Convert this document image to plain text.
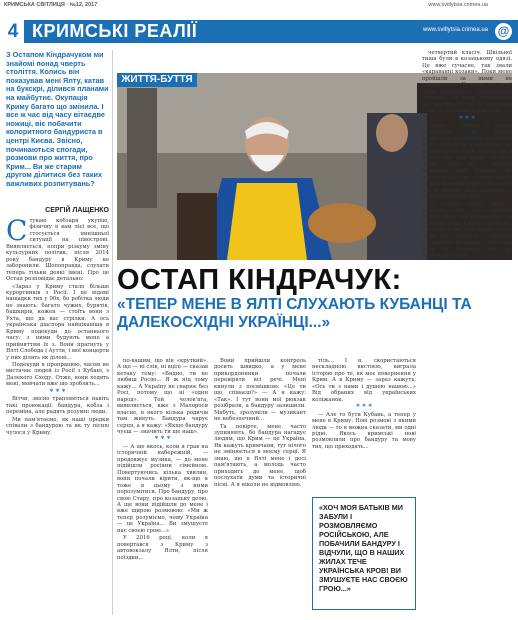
КРИМСЬКА СВІТЛИЦЯ · №12, 2017	www.svitlytsia.crimea.ua
4 КРИМСЬКІ РЕАЛІЇ	www.svitlytsia.crimea.ua @
З Остапом Кіндрачуком ми знайомі понад чверть століття. Колись він показував мені Ялту, катав на букскрі, ділився планами на майбутнє. Окупація Криму багато що змінила. І все ж час від часу вітаєдве ножиці, віє побачити колоритного бандуриста в центрі Києва. Звісно, починаються спогади, розмови про життя, про Крим... Ви же старим другом ділитися без таких важливих розпитувань?
СЕРГІЙ ЛАЩЕНКО

Стукаю кобзаря укупію, фізичну я вам лієї все, що стосується нинішньої ситуації на півострові. Виявляється, попри різкуму зміну культурних політик, після 2014 року бандуру в Криму не заборонили. Шопоправда, слухати теперь тільки деякі імені. Про це Остап розповідає детально:

«Зараз у Криму стало більше курортників з Росії. І це відомі нащадки тих у 90х, бо робітка люди не знають: багато чужих, бурятів, башкирів, кожен — стоїть вони з Ухта, що да вас стрілки. А ось українська діаспора найцікавіша в Криму подекуди до останнього часу: з ними будують мене а прийняттям їх з. Вони прагнуть у Ялті Слобода і Аутти, і мої концерти у них ділять як ділені...

Подекуди я пропрацюю, часом не вистачає людей із Росії з Кубані, з Далекого Сходу. Отже, вони ходять мені, мовчати вже що зроблять...

* * *

Вітчи, звісно трапляються навіть такі провокації: бандура, кобза і переміна, але радять розумні люди.

Ми пам'ятаємо, як наші предки співали з бандурою та як ту пісню чулося у Криму.

ЖИТТЯ-БУТТЯ
ОСТАП КІНДРАЧУК:
«ТЕПЕР МЕНЕ В ЯЛТІ СЛУХАЮТЬ КУБАНЦІ ТА ДАЛЕКОСХІДНІ УКРАЇНЦІ...»

по-вашим, що він «круткий». А що — ні слів, ні вцілі — сказав кетаку тому: «Видно, ти не любиш Росію... Я ж ніц тому кажу... А Україну не сварює без Росі, потому що ні «один народ». Той чолов'яга, виявляється, вже з Малороси власне, в якого кілька родичів там живуть. Бандура чарує серця, а я кажу: «Якщо бандуру чуєш — значить ти ще наш».

* * *

— А ще якось, коли я грав на історичній набережній, — продовжує музика, — до мене підійшли росіяни сімейною. Повертуючись кілька хвилин, вони почали вірити, як-що я тоже в цьому з ними порозумітися. Про бандуру, про свою Стару, про козацьку долю. А ще вони підійшли до мене і вже щирою розмовою: «Ми ж тепер розуміємо, чому Україна — це Україна... Ви змушуєте нас своєю грою...»

У 2016 році, коли я повертався з Криму з автовокзалу Ялти, після поїздки...

Вони прийшли контроль досить швидко, а у мене прикордонники почали перевіряти всі речі. Мені кинули з посмішкою: «Це ти що, співаєш?» — А я кажу: «Так». І тут вони мої рюкзак розібрали, а бандуру залишили. Мабуть, зрозуміли — музикант не небезпечний...

Та повірте, мене часто зупиняють, бо бандура нагадує людям, що Крим — це Україна. Як кажуть кримчани, тут нічого не змінюється в моєму серці. Я знаю, що в Ялті мене і досі пам'ятають, а молодь часто приходить до мене, щоб послухати думи та історичні пісні. А я ніколи не відмовляю.

тіль... І я, скористаються нескладною вистоєю, виграла історію про те, як моє повернення у Крим. А в Криму — зараз кажуть: «Ось ти з нами і душею нашою...» Від обраних від українських коліжанок.

* * *

— Але то бути Кубань, а тепер у мене в Криму. Нові розмові з якими люди — то я можна сказати, ми одні рідні. Якось кримські нові розмовляли про бандуру та мову тих, що приходять...

«ХОЧ МОЯ БАТЬКІВ МИ ЗАБУЛИ І РОЗМОВЛЯЄМО РОСІЙСЬКОЮ, АЛЕ ПОБАЧИЛИ БАНДУРУ І ВІДЧУЛИ, ЩО В НАШИХ ЖИЛАХ ТЕЧЕ УКРАЇНСЬКА КРОВ! ВИ ЗМУШУЄТЕ НАС СВОЄЮ ГРОЮ...»

четвертий класіч. Шкільної тиша були в козацькому одязі. Це вже сучасне, так звали «караванні козаки». Поки мене пройшли за ними не зупинилися. У мене на руці були палички в «Українськім кольорі». То вони, побачивши це, вирішили, що я наспівати туди «Із потаємного нічого» ...

* * *

Остап з теплом у голосі розповідає, що багато кримських котпчака, пізнаючи його, підходять з кількома, як тільки бачать Київ, то вітання з хором, як хор подає до 90-х часів. Через це є велике бажання, щоб бандура не поверталась до «кримського старих бандуристів», і він каже що в Криму досі співають і музикують наші діти.

Не кожен Остап вдає з теплом, але він завжди підкреслює: «Я кримчанин до глибини душі. І мова, і бандура, і Крим — це моя доля. Якщо люди нас слухають — значить ми живемо не дарма». Аж поки його не почують там, де найбільше треба.
